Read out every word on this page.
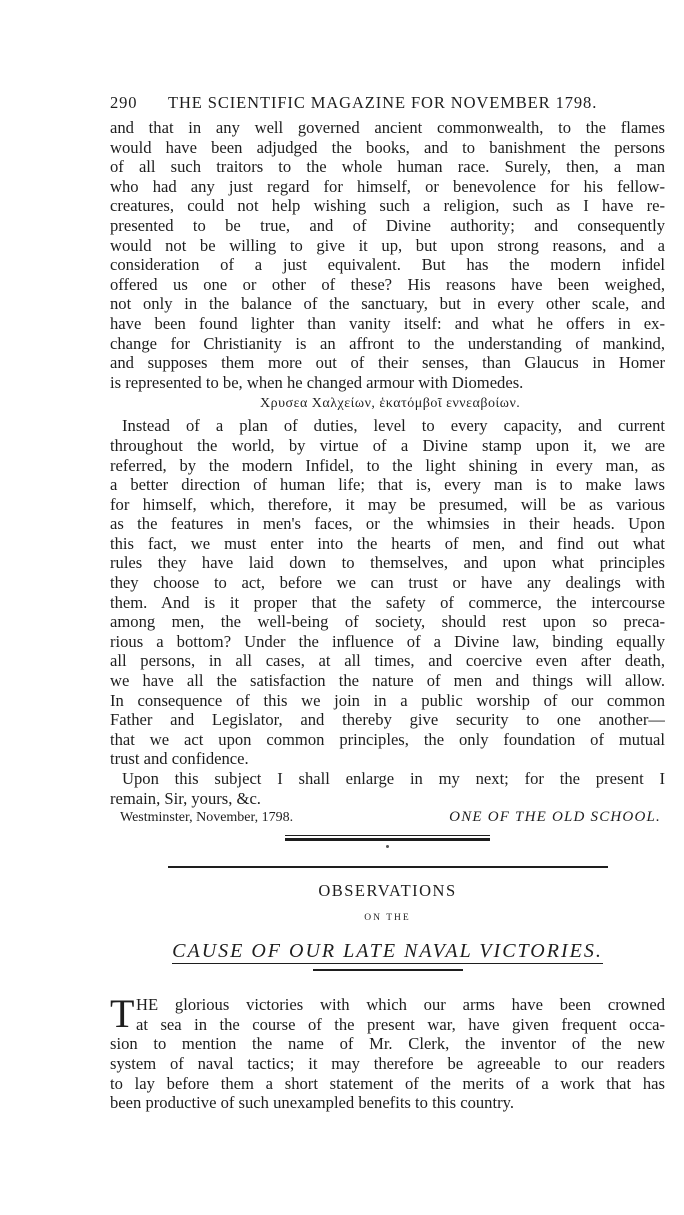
290	THE SCIENTIFIC MAGAZINE FOR NOVEMBER 1798.
and that in any well governed ancient commonwealth, to the flames
would have been adjudged the books, and to banishment the persons
of all such traitors to the whole human race. Surely, then, a man
who had any just regard for himself, or benevolence for his fellow-
creatures, could not help wishing such a religion, such as I have re-
presented to be true, and of Divine authority; and consequently
would not be willing to give it up, but upon strong reasons, and a
consideration of a just equivalent. But has the modern infidel
offered us one or other of these? His reasons have been weighed,
not only in the balance of the sanctuary, but in every other scale, and
have been found lighter than vanity itself: and what he offers in ex-
change for Christianity is an affront to the understanding of mankind,
and supposes them more out of their senses, than Glaucus in Homer
is represented to be, when he changed armour with Diomedes.
Χρυσεα Χαλχείων, ἑκατόμβοῖ εννεαβοίων.
Instead of a plan of duties, level to every capacity, and current
throughout the world, by virtue of a Divine stamp upon it, we are
referred, by the modern Infidel, to the light shining in every man, as
a better direction of human life; that is, every man is to make laws
for himself, which, therefore, it may be presumed, will be as various
as the features in men's faces, or the whimsies in their heads. Upon
this fact, we must enter into the hearts of men, and find out what
rules they have laid down to themselves, and upon what principles
they choose to act, before we can trust or have any dealings with
them. And is it proper that the safety of commerce, the intercourse
among men, the well-being of society, should rest upon so preca-
rious a bottom? Under the influence of a Divine law, binding equally
all persons, in all cases, at all times, and coercive even after death,
we have all the satisfaction the nature of men and things will allow.
In consequence of this we join in a public worship of our common
Father and Legislator, and thereby give security to one another—
that we act upon common principles, the only foundation of mutual
trust and confidence.
Upon this subject I shall enlarge in my next; for the present I
remain, Sir, yours, &c.
Westminster, November, 1798.	ONE OF THE OLD SCHOOL.
OBSERVATIONS
ON THE
CAUSE OF OUR LATE NAVAL VICTORIES.
T HE glorious victories with which our arms have been crowned
at sea in the course of the present war, have given frequent occa-
sion to mention the name of Mr. Clerk, the inventor of the new
system of naval tactics; it may therefore be agreeable to our readers
to lay before them a short statement of the merits of a work that has
been productive of such unexampled benefits to this country.
